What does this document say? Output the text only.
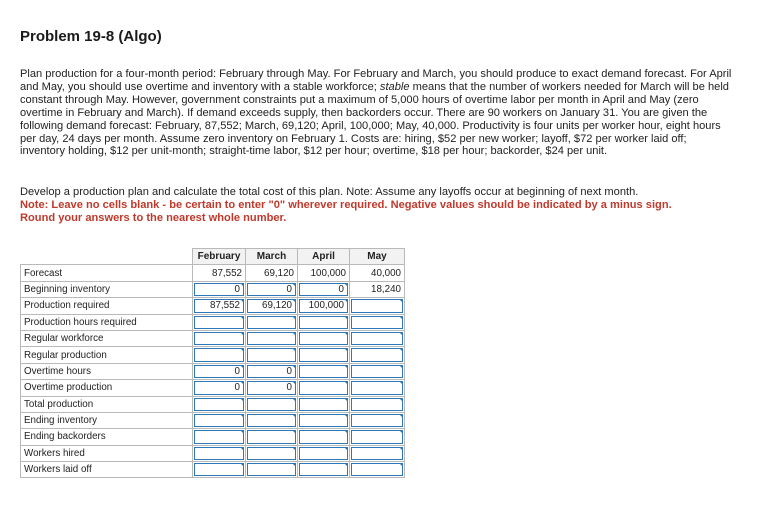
Problem 19-8 (Algo)

Plan production for a four-month period: February through May. For February and March, you should produce to exact demand forecast. For April and May, you should use overtime and inventory with a stable workforce; stable means that the number of workers needed for March will be held constant through May. However, government constraints put a maximum of 5,000 hours of overtime labor per month in April and May (zero overtime in February and March). If demand exceeds supply, then backorders occur. There are 90 workers on January 31. You are given the following demand forecast: February, 87,552; March, 69,120; April, 100,000; May, 40,000. Productivity is four units per worker hour, eight hours per day, 24 days per month. Assume zero inventory on February 1. Costs are: hiring, $52 per new worker; layoff, $72 per worker laid off; inventory holding, $12 per unit-month; straight-time labor, $12 per hour; overtime, $18 per hour; backorder, $24 per unit.

Develop a production plan and calculate the total cost of this plan. Note: Assume any layoffs occur at beginning of next month.
Note: Leave no cells blank - be certain to enter "0" wherever required. Negative values should be indicated by a minus sign.
Round your answers to the nearest whole number.

	February	March	April	May
Forecast	87,552	69,120	100,000	40,000

Beginning inventory	0	0	0	18,240

Production required	87,552	69,120	100,000	

Production hours required	

Regular workforce	

Regular production	

Overtime hours	0	0		

Overtime production	0	0		

Total production	

Ending inventory	

Ending backorders	

Workers hired	

Workers laid off	
